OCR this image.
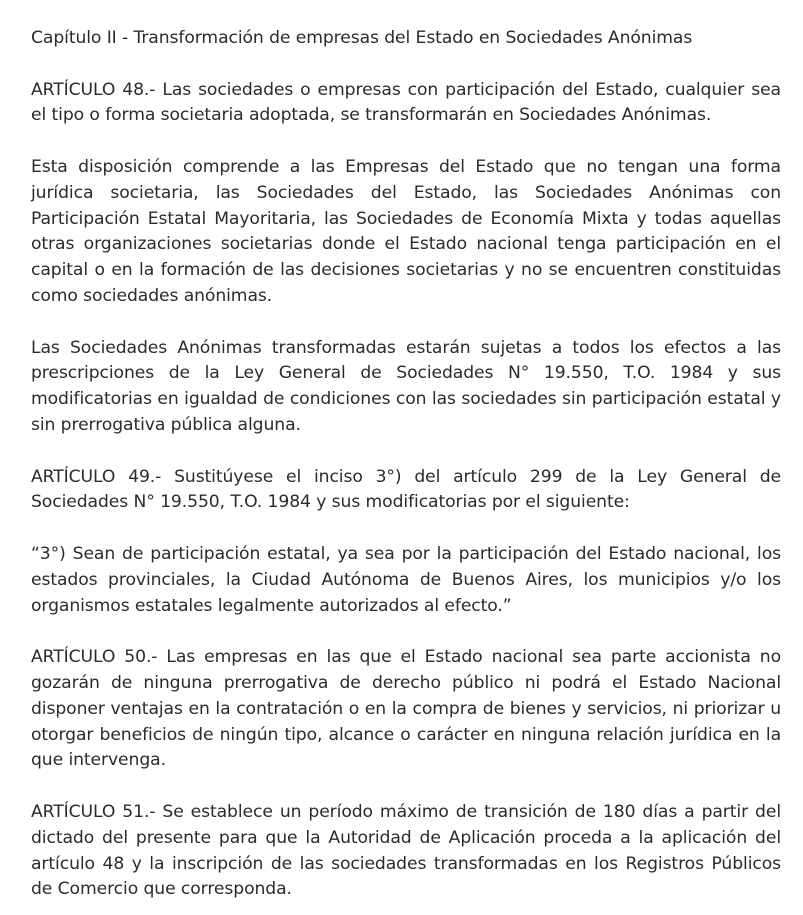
Capítulo II - Transformación de empresas del Estado en Sociedades Anónimas

ARTÍCULO 48.- Las sociedades o empresas con participación del Estado, cualquier sea el tipo o forma societaria adoptada, se transformarán en Sociedades Anónimas.

Esta disposición comprende a las Empresas del Estado que no tengan una forma jurídica societaria, las Sociedades del Estado, las Sociedades Anónimas con Participación Estatal Mayoritaria, las Sociedades de Economía Mixta y todas aquellas otras organizaciones societarias donde el Estado nacional tenga participación en el capital o en la formación de las decisiones societarias y no se encuentren constituidas como sociedades anónimas.

Las Sociedades Anónimas transformadas estarán sujetas a todos los efectos a las prescripciones de la Ley General de Sociedades N° 19.550, T.O. 1984 y sus modificatorias en igualdad de condiciones con las sociedades sin participación estatal y sin prerrogativa pública alguna.

ARTÍCULO 49.- Sustitúyese el inciso 3°) del artículo 299 de la Ley General de Sociedades N° 19.550, T.O. 1984 y sus modificatorias por el siguiente:

“3°) Sean de participación estatal, ya sea por la participación del Estado nacional, los estados provinciales, la Ciudad Autónoma de Buenos Aires, los municipios y/o los organismos estatales legalmente autorizados al efecto.”

ARTÍCULO 50.- Las empresas en las que el Estado nacional sea parte accionista no gozarán de ninguna prerrogativa de derecho público ni podrá el Estado Nacional disponer ventajas en la contratación o en la compra de bienes y servicios, ni priorizar u otorgar beneficios de ningún tipo, alcance o carácter en ninguna relación jurídica en la que intervenga.

ARTÍCULO 51.- Se establece un período máximo de transición de 180 días a partir del dictado del presente para que la Autoridad de Aplicación proceda a la aplicación del artículo 48 y la inscripción de las sociedades transformadas en los Registros Públicos de Comercio que corresponda.
